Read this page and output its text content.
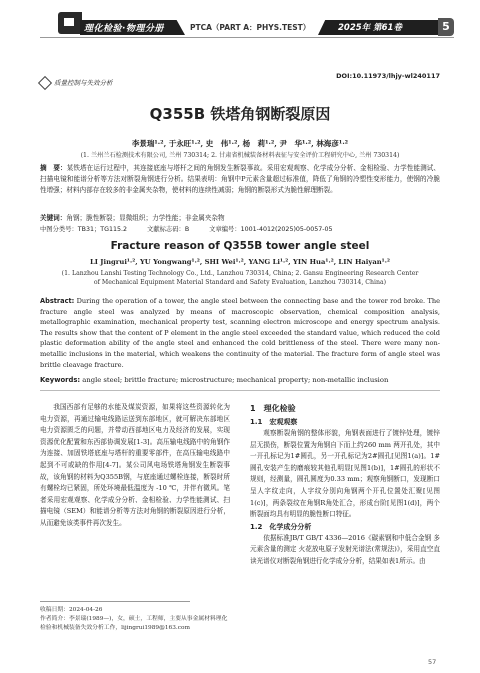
理化检验·物理分册	PTCA（PART A：PHYS.TEST）	2025年 第61卷	5
质量控制与失效分析
DOI:10.11973/lhjy-wl240117
Q355B 铁塔角钢断裂原因
李景瑞¹·², 于永旺¹·², 史　伟¹·², 杨　莉¹·², 尹　华¹·², 林海彦¹·²
(1. 兰州兰石检测技术有限公司, 兰州 730314; 2. 甘肃省机械装备材料表征与安全评价工程研究中心, 兰州 730314)
摘　要：某铁塔在运行过程中，其连接底座与塔杆之间的角钢发生断裂事故。采用宏观观察、化学成分分析、金相检验、力学性能测试、扫描电镜和能谱分析等方法对断裂角钢进行分析。结果表明：角钢中P元素含量超过标准值，降低了角钢的冷塑性变形能力，使钢的冷脆性增强；材料内部存在较多的非金属夹杂物，使材料的连续性减弱；角钢的断裂形式为脆性解理断裂。
关键词：角钢；脆性断裂；显微组织；力学性能；非金属夹杂物
中图分类号：TB31；TG115.2	文献标志码：B	文章编号：1001-4012(2025)05-0057-05
Fracture reason of Q355B tower angle steel
LI Jingrui¹·², YU Yongwang¹·², SHI Wei¹·², YANG Li¹·², YIN Hua¹·², LIN Haiyan¹·²
(1. Lanzhou Lanshi Testing Technology Co., Ltd., Lanzhou 730314, China; 2. Gansu Engineering Research Center of Mechanical Equipment Material Standard and Safety Evaluation, Lanzhou 730314, China)
Abstract: During the operation of a tower, the angle steel between the connecting base and the tower rod broke. The fracture angle steel was analyzed by means of macroscopic observation, chemical composition analysis, metallographic examination, mechanical property test, scanning electron microscope and energy spectrum analysis. The results show that the content of P element in the angle steel exceeded the standard value, which reduced the cold plastic deformation ability of the angle steel and enhanced the cold brittleness of the steel. There were many non-metallic inclusions in the material, which weakens the continuity of the material. The fracture form of angle steel was brittle cleavage fracture.
Keywords: angle steel; brittle fracture; microstructure; mechanical property; non-metallic inclusion

我国西部有足够的水能及煤炭资源，如果将这些资源转化为电力资源，再通过输电线路运送到东部地区，就可解决东部地区电力资源匮乏的问题，并带动西部地区电力及经济的发展，实现资源优化配置和东西部协调发展[1-3]。高压输电线路中的角钢作为连接、加固铁塔底座与塔杆的重要零部件，在高压输电线路中起到不可或缺的作用[4-7]。某公司风电场铁塔角钢发生断裂事故，该角钢的材料为Q355B钢，与底座通过螺栓连接，断裂时所有螺栓均已紧固，所处环境最低温度为 -10 ℃，并伴有微风。笔者采用宏观观察、化学成分分析、金相检验、力学性能测试、扫描电镜（SEM）和能谱分析等方法对角钢的断裂原因进行分析，从而避免该类事件再次发生。

收稿日期：2024-04-26
作者简介：李景瑞(1989—)，女，硕士，工程师，主要从事金属材料理化检验和机械装备失效分析工作，lijingrui1989@163.com
1　理化检验
1.1　宏观观察

观察断裂角钢的整体形貌，角钢表面进行了镀锌处理，镀锌层无损伤，断裂位置为角钢自下而上约260 mm 两开孔处，其中一开孔标记为1#圆孔，另一开孔标记为2#圆孔[见图1(a)]。1#圆孔安装产生的磨痕较其他孔明显[见图1(b)]，1#圆孔的形状不规则，经测量，圆孔圆度为0.33 mm；观察角钢断口，发现断口呈人字纹走向，人字纹分别向角钢两个开孔位置处汇聚[见图1(c)]，两条裂纹在角钢R角处汇合，形成台阶[见图1(d)]，两个断裂面均具有明显的脆性断口特征。

1.2　化学成分分析

依据标准JB/T GB/T 4336—2016《碳素钢和中低合金钢 多元素含量的测定 火花放电原子发射光谱法(常规法)》，采用直空直读光谱仪对断裂角钢进行化学成分分析，结果如表1所示。由

57
